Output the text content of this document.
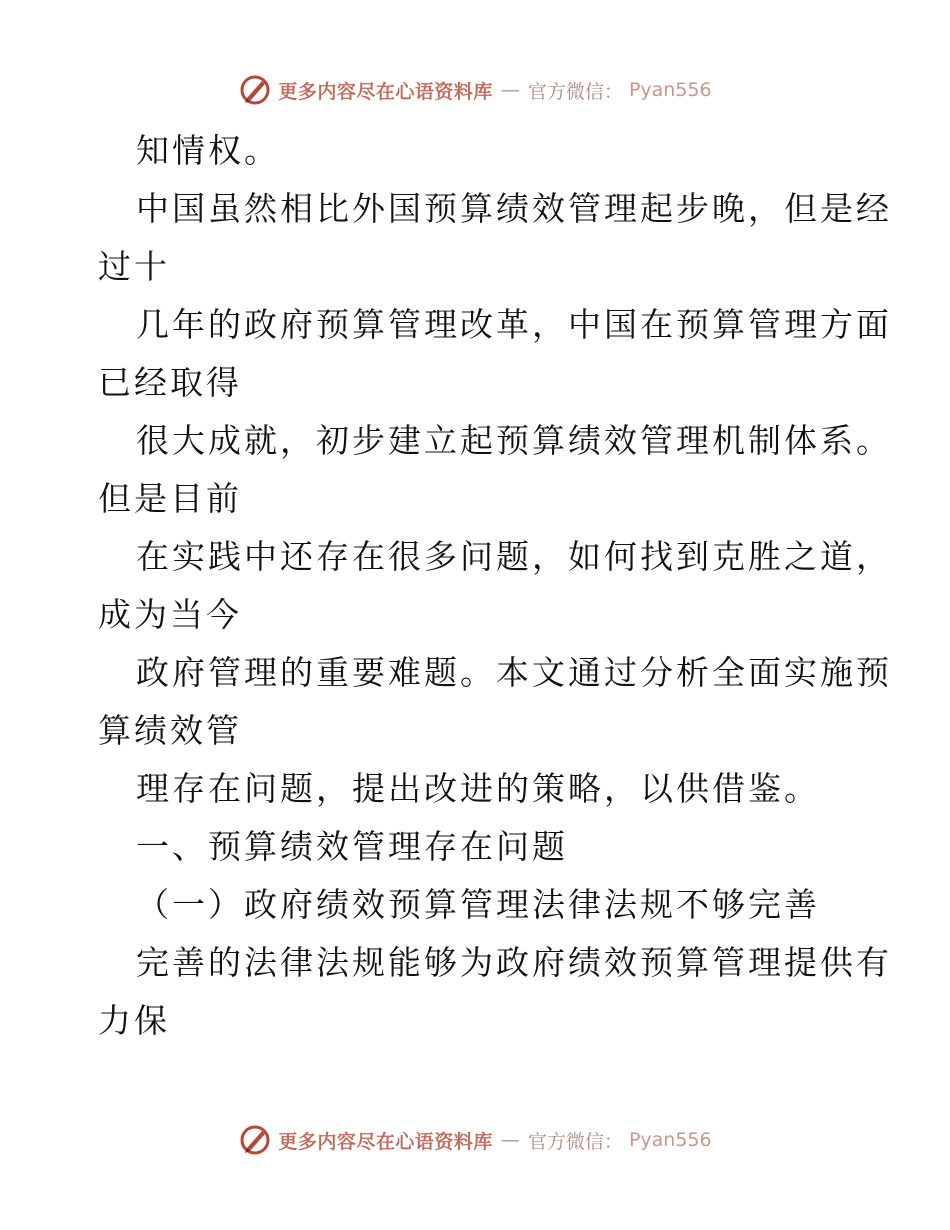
更多内容尽在心语资料库 — 官方微信： Pyan556
知情权。
中国虽然相比外国预算绩效管理起步晚，但是经
过十
几年的政府预算管理改革，中国在预算管理方面
已经取得
很大成就，初步建立起预算绩效管理机制体系。
但是目前
在实践中还存在很多问题，如何找到克胜之道，
成为当今
政府管理的重要难题。本文通过分析全面实施预
算绩效管
理存在问题，提出改进的策略，以供借鉴。
一、预算绩效管理存在问题
（一）政府绩效预算管理法律法规不够完善
完善的法律法规能够为政府绩效预算管理提供有
力保
更多内容尽在心语资料库 — 官方微信： Pyan556
